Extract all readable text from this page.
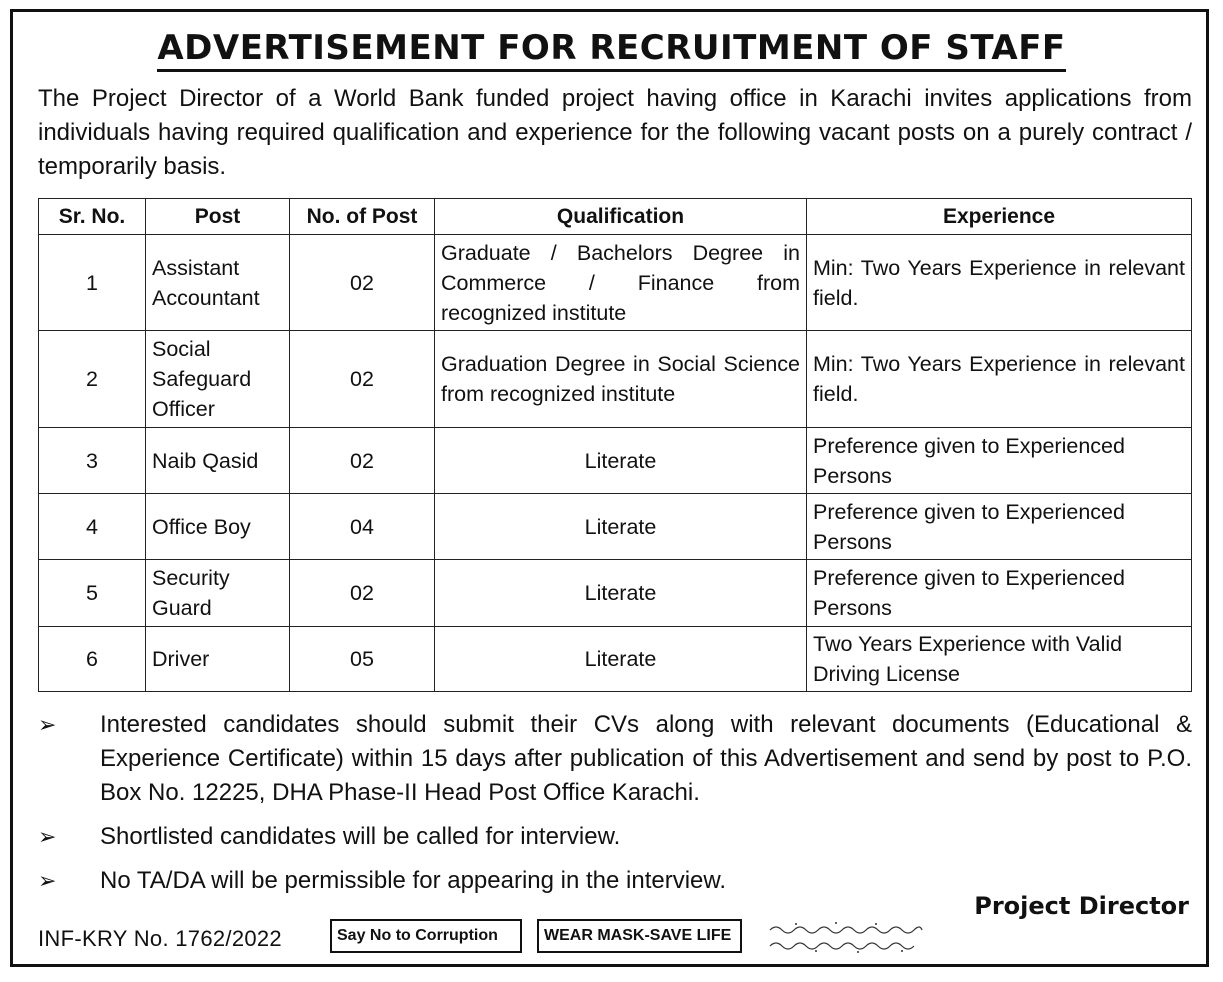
ADVERTISEMENT FOR RECRUITMENT OF STAFF
The Project Director of a World Bank funded project having office in Karachi invites applications from individuals having required qualification and experience for the following vacant posts on a purely contract / temporarily basis.
Sr. No.	Post	No. of Post	Qualification	Experience
1	Assistant Accountant	02	Graduate / Bachelors Degree in Commerce / Finance from recognized institute	Min: Two Years Experience in relevant field.
2	Social Safeguard Officer	02	Graduation Degree in Social Science from recognized institute	Min: Two Years Experience in relevant field.
3	Naib Qasid	02	Literate	Preference given to Experienced Persons
4	Office Boy	04	Literate	Preference given to Experienced Persons
5	Security Guard	02	Literate	Preference given to Experienced Persons
6	Driver	05	Literate	Two Years Experience with Valid Driving License
➢ Interested candidates should submit their CVs along with relevant documents (Educational & Experience Certificate) within 15 days after publication of this Advertisement and send by post to P.O. Box No. 12225, DHA Phase-II Head Post Office Karachi.
➢ Shortlisted candidates will be called for interview.
➢ No TA/DA will be permissible for appearing in the interview.
Project Director
INF-KRY No. 1762/2022	Say No to Corruption	WEAR MASK-SAVE LIFE
